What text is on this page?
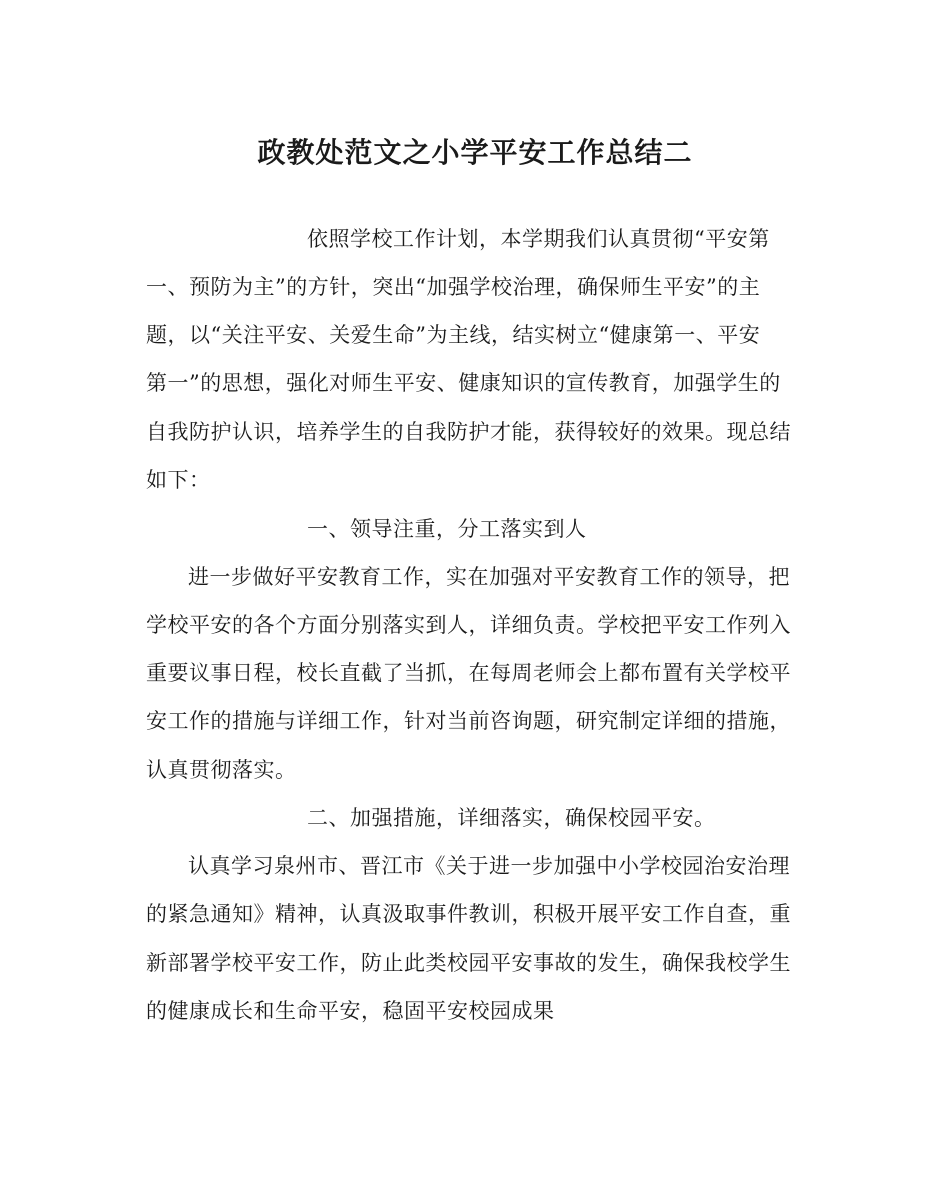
政教处范文之小学平安工作总结二
依照学校工作计划，本学期我们认真贯彻“平安第
一、预防为主”的方针，突出“加强学校治理，确保师生平安”的主
题，以“关注平安、关爱生命”为主线，结实树立“健康第一、平安
第一”的思想，强化对师生平安、健康知识的宣传教育，加强学生的
自我防护认识，培养学生的自我防护才能，获得较好的效果。现总结
如下：
一、领导注重，分工落实到人
进一步做好平安教育工作，实在加强对平安教育工作的领导，把
学校平安的各个方面分别落实到人，详细负责。学校把平安工作列入
重要议事日程，校长直截了当抓，在每周老师会上都布置有关学校平
安工作的措施与详细工作，针对当前咨询题，研究制定详细的措施，
认真贯彻落实。
二、加强措施，详细落实，确保校园平安。
认真学习泉州市、晋江市《关于进一步加强中小学校园治安治理
的紧急通知》精神，认真汲取事件教训，积极开展平安工作自查，重
新部署学校平安工作，防止此类校园平安事故的发生，确保我校学生
的健康成长和生命平安，稳固平安校园成果
